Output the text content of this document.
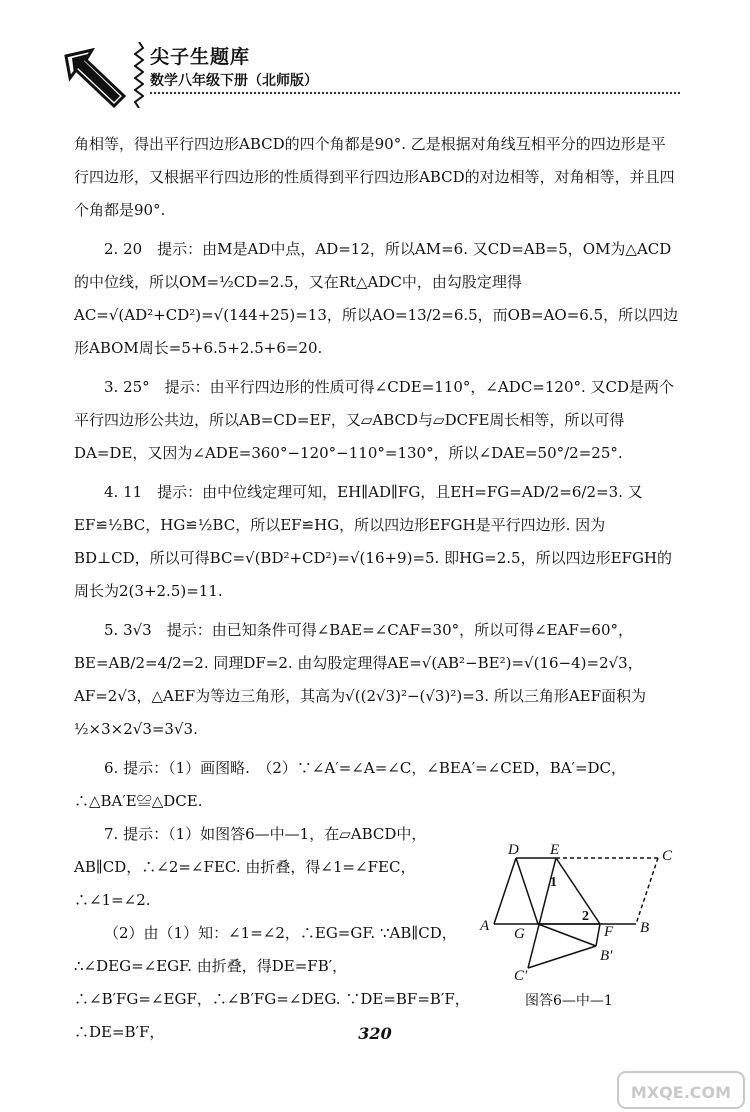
尖子生题库
数学八年级下册（北师版）

角相等，得出平行四边形ABCD的四个角都是90°. 乙是根据对角线互相平分的四边形是平行四边形，又根据平行四边形的性质得到平行四边形ABCD的对边相等，对角相等，并且四个角都是90°.

2. 20　提示：由M是AD中点，AD=12，所以AM=6. 又CD=AB=5，OM为△ACD的中位线，所以OM=½CD=2.5，又在Rt△ADC中，由勾股定理得AC=√(AD²+CD²)=√(144+25)=13，所以AO=13/2=6.5，而OB=AO=6.5，所以四边形ABOM周长=5+6.5+2.5+6=20.

3. 25°　提示：由平行四边形的性质可得∠CDE=110°，∠ADC=120°. 又CD是两个平行四边形公共边，所以AB=CD=EF，又▱ABCD与▱DCFE周长相等，所以可得DA=DE，又因为∠ADE=360°−120°−110°=130°，所以∠DAE=50°/2=25°.

4. 11　提示：由中位线定理可知，EH∥AD∥FG，且EH=FG=AD/2=6/2=3. 又EF≌½BC，HG≌½BC，所以EF≌HG，所以四边形EFGH是平行四边形. 因为BD⊥CD，所以可得BC=√(BD²+CD²)=√(16+9)=5. 即HG=2.5，所以四边形EFGH的周长为2(3+2.5)=11.

5. 3√3　提示：由已知条件可得∠BAE=∠CAF=30°，所以可得∠EAF=60°，BE=AB/2=4/2=2. 同理DF=2. 由勾股定理得AE=√(AB²−BE²)=√(16−4)=2√3，AF=2√3，△AEF为等边三角形，其高为√((2√3)²−(√3)²)=3. 所以三角形AEF面积为½×3×2√3=3√3.

6. 提示：（1）画图略.　（2）∵∠A′=∠A=∠C，∠BEA′=∠CED，BA′=DC，∴△BA′E≌△DCE.

7. 提示：（1）如图答6—中—1，在▱ABCD中，AB∥CD，∴∠2=∠FEC. 由折叠，得∠1=∠FEC，∴∠1=∠2.

（2）由（1）知：∠1=∠2，∴EG=GF. ∵AB∥CD，∴∠DEG=∠EGF. 由折叠，得DE=FB′，∴∠B′FG=∠EGF，∴∠B′FG=∠DEG. ∵DE=BF=B′F，∴DE=B′F，

D E	C
A	B
G	F
B′
C′
1
2
图答6—中—1
320
MXQE.COM
